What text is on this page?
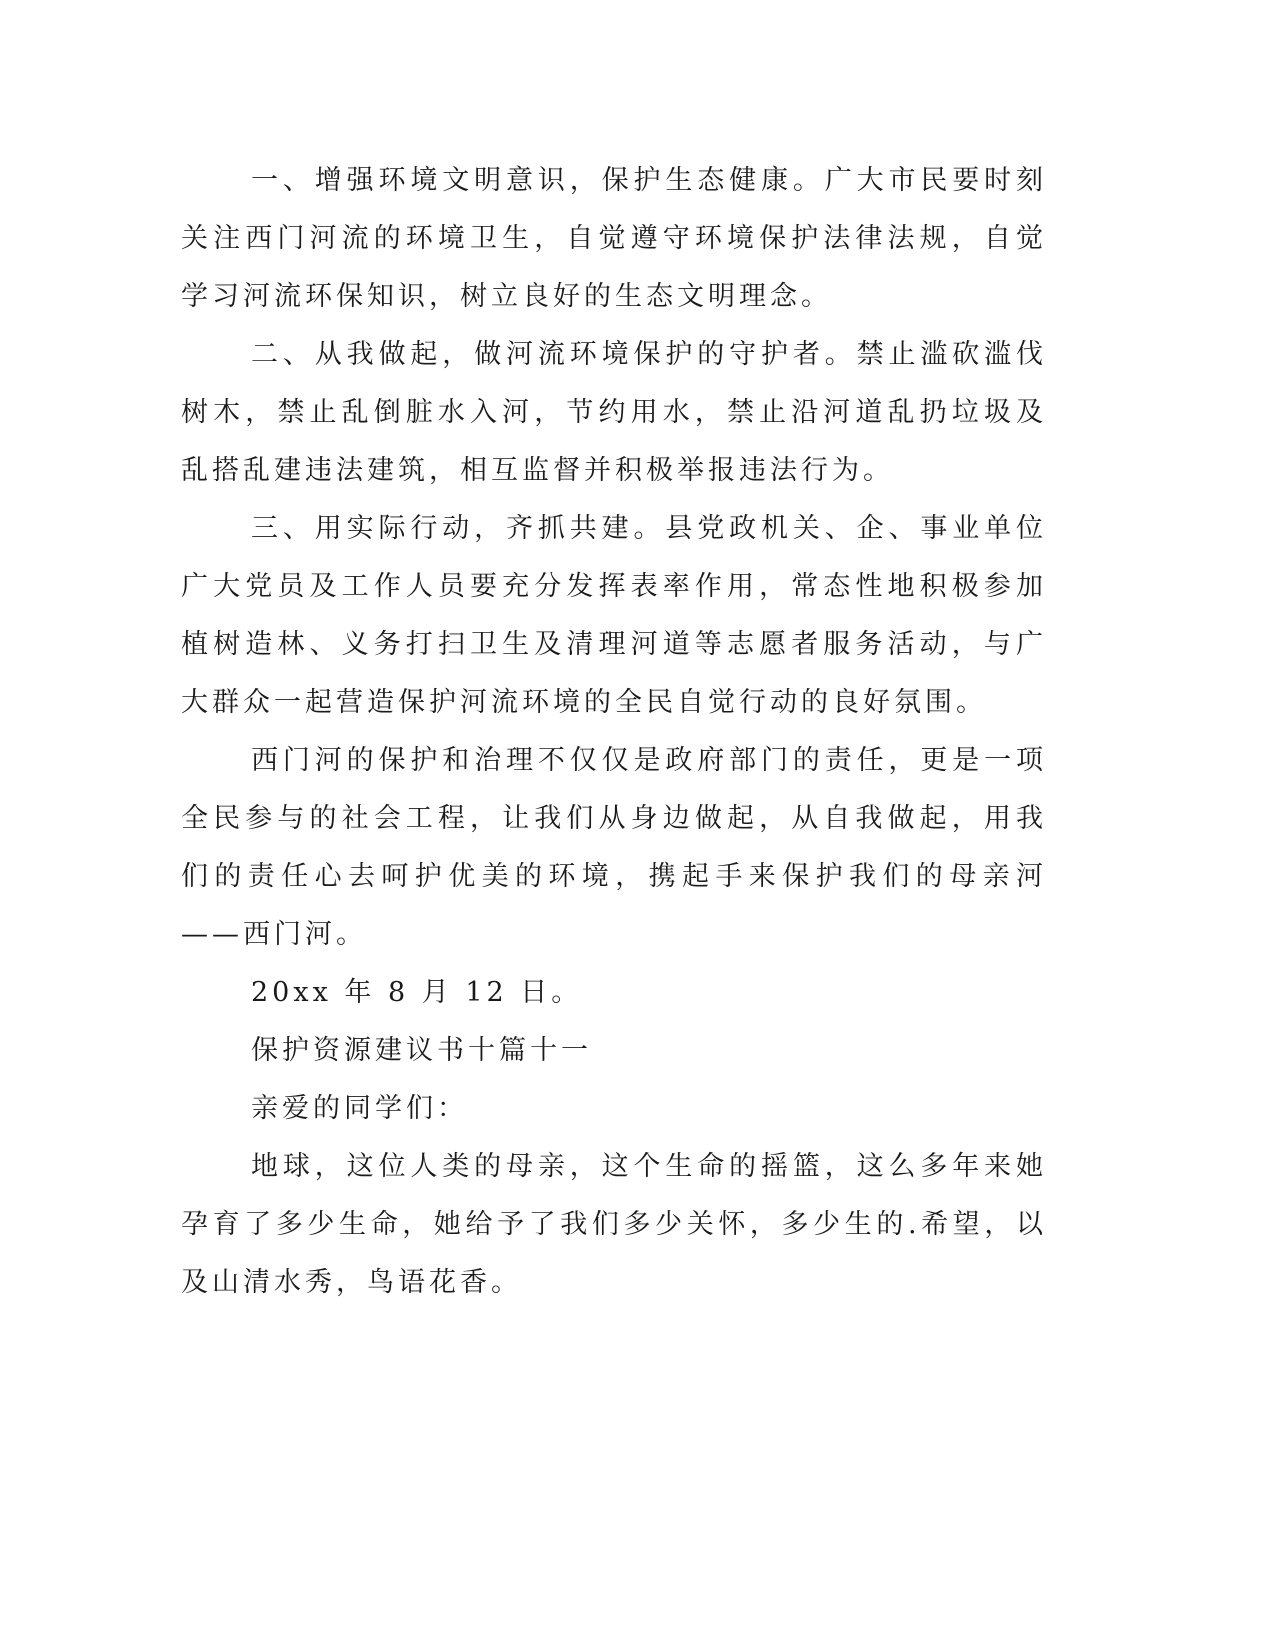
一、增强环境文明意识，保护生态健康。广大市民要时刻关注西门河流的环境卫生，自觉遵守环境保护法律法规，自觉学习河流环保知识，树立良好的生态文明理念。

二、从我做起，做河流环境保护的守护者。禁止滥砍滥伐树木，禁止乱倒脏水入河，节约用水，禁止沿河道乱扔垃圾及乱搭乱建违法建筑，相互监督并积极举报违法行为。

三、用实际行动，齐抓共建。县党政机关、企、事业单位广大党员及工作人员要充分发挥表率作用，常态性地积极参加植树造林、义务打扫卫生及清理河道等志愿者服务活动，与广大群众一起营造保护河流环境的全民自觉行动的良好氛围。

西门河的保护和治理不仅仅是政府部门的责任，更是一项全民参与的社会工程，让我们从身边做起，从自我做起，用我们的责任心去呵护优美的环境，携起手来保护我们的母亲河——西门河。

20xx 年 8 月 12 日。

保护资源建议书十篇十一

亲爱的同学们：

地球，这位人类的母亲，这个生命的摇篮，这么多年来她孕育了多少生命，她给予了我们多少关怀，多少生的.希望，以及山清水秀，鸟语花香。
